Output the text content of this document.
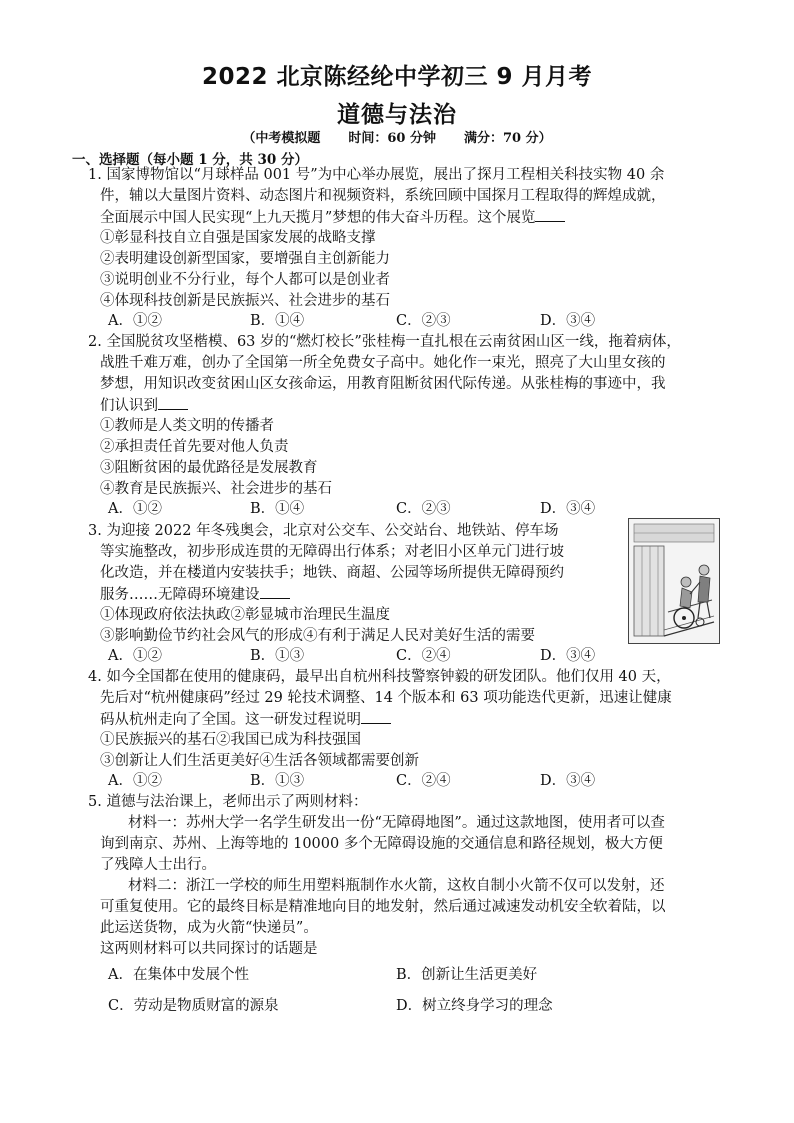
2022 北京陈经纶中学初三 9 月月考
道德与法治
（中考模拟题 时间：60 分钟 满分：70 分）
一、选择题（每小题 1 分，共 30 分）
1. 国家博物馆以“月球样品 001 号”为中心举办展览，展出了探月工程相关科技实物 40 余
件，辅以大量图片资料、动态图片和视频资料，系统回顾中国探月工程取得的辉煌成就，
全面展示中国人民实现“上九天揽月”梦想的伟大奋斗历程。这个展览
①彰显科技自立自强是国家发展的战略支撑
②表明建设创新型国家，要增强自主创新能力
③说明创业不分行业，每个人都可以是创业者
④体现科技创新是民族振兴、社会进步的基石
A．①②	B．①④	C．②③	D．③④
2. 全国脱贫攻坚楷模、63 岁的“燃灯校长”张桂梅一直扎根在云南贫困山区一线，拖着病体，
战胜千难万难，创办了全国第一所全免费女子高中。她化作一束光，照亮了大山里女孩的
梦想，用知识改变贫困山区女孩命运，用教育阻断贫困代际传递。从张桂梅的事迹中，我
们认识到
①教师是人类文明的传播者
②承担责任首先要对他人负责
③阻断贫困的最优路径是发展教育
④教育是民族振兴、社会进步的基石
A．①②	B．①④	C．②③	D．③④
3. 为迎接 2022 年冬残奥会，北京对公交车、公交站台、地铁站、停车场
等实施整改，初步形成连贯的无障碍出行体系；对老旧小区单元门进行坡
化改造，并在楼道内安装扶手；地铁、商超、公园等场所提供无障碍预约
服务……无障碍环境建设
①体现政府依法执政②彰显城市治理民生温度
③影响勤俭节约社会风气的形成④有利于满足人民对美好生活的需要
A．①②	B．①③	C．②④	D．③④
4. 如今全国都在使用的健康码，最早出自杭州科技警察钟毅的研发团队。他们仅用 40 天，
先后对“杭州健康码”经过 29 轮技术调整、14 个版本和 63 项功能迭代更新，迅速让健康
码从杭州走向了全国。这一研发过程说明
①民族振兴的基石②我国已成为科技强国
③创新让人们生活更美好④生活各领域都需要创新
A．①②	B．①③	C．②④	D．③④
5. 道德与法治课上，老师出示了两则材料：
材料一：苏州大学一名学生研发出一份“无障碍地图”。通过这款地图，使用者可以查
询到南京、苏州、上海等地的 10000 多个无障碍设施的交通信息和路径规划，极大方便
了残障人士出行。
材料二：浙江一学校的师生用塑料瓶制作水火箭，这枚自制小火箭不仅可以发射，还
可重复使用。它的最终目标是精准地向目的地发射，然后通过减速发动机安全软着陆，以
此运送货物，成为火箭“快递员”。
这两则材料可以共同探讨的话题是
A．在集体中发展个性	B．创新让生活更美好
C．劳动是物质财富的源泉	D．树立终身学习的理念
